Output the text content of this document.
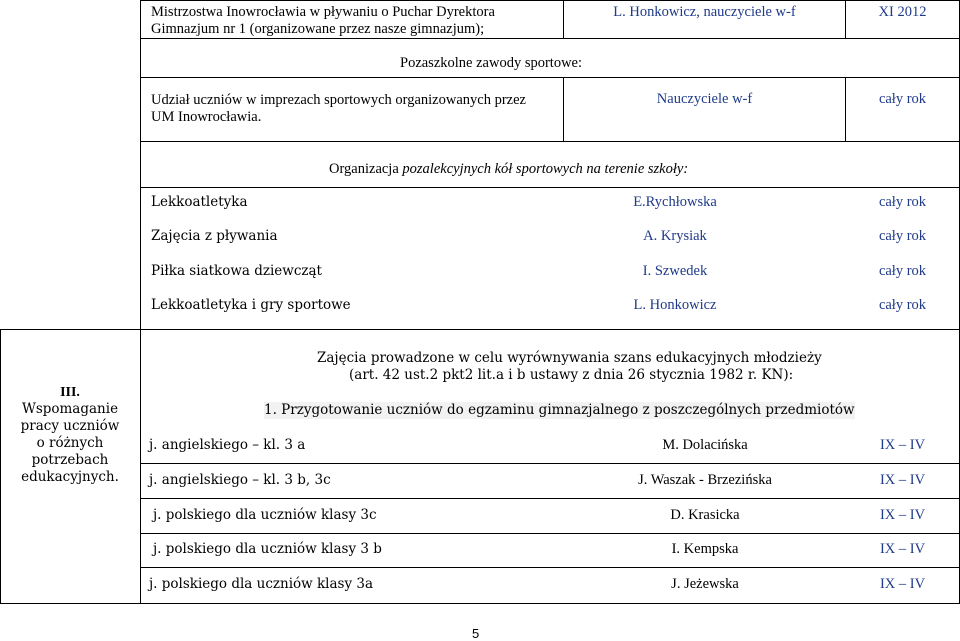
Mistrzostwa Inowrocławia w pływaniu o Puchar Dyrektora
Gimnazjum nr 1 (organizowane przez nasze gimnazjum);
L. Honkowicz, nauczyciele w-f	XI 2012
Pozaszkolne zawody sportowe:
Udział uczniów w imprezach sportowych organizowanych przez
UM Inowrocławia.
Nauczyciele w-f	cały rok
Organizacja pozalekcyjnych kół sportowych na terenie szkoły:
Lekkoatletyka	E.Rychłowska	cały rok
Zajęcia z pływania	A. Krysiak	cały rok
Piłka siatkowa dziewcząt	I. Szwedek	cały rok
Lekkoatletyka i gry sportowe	L. Honkowicz	cały rok
III.
Wspomaganie
pracy uczniów
o różnych
potrzebach
edukacyjnych.
Zajęcia prowadzone w celu wyrównywania szans edukacyjnych młodzieży
(art. 42 ust.2 pkt2 lit.a i b ustawy z dnia 26 stycznia 1982 r. KN):
1. Przygotowanie uczniów do egzaminu gimnazjalnego z poszczególnych przedmiotów
j. angielskiego – kl. 3 a	M. Dolacińska	IX – IV
j. angielskiego – kl. 3 b, 3c	J. Waszak - Brzezińska	IX – IV
j. polskiego dla uczniów klasy 3c	D. Krasicka	IX – IV
j. polskiego dla uczniów klasy 3 b	I. Kempska	IX – IV
j. polskiego dla uczniów klasy 3a	J. Jeżewska	IX – IV
5
